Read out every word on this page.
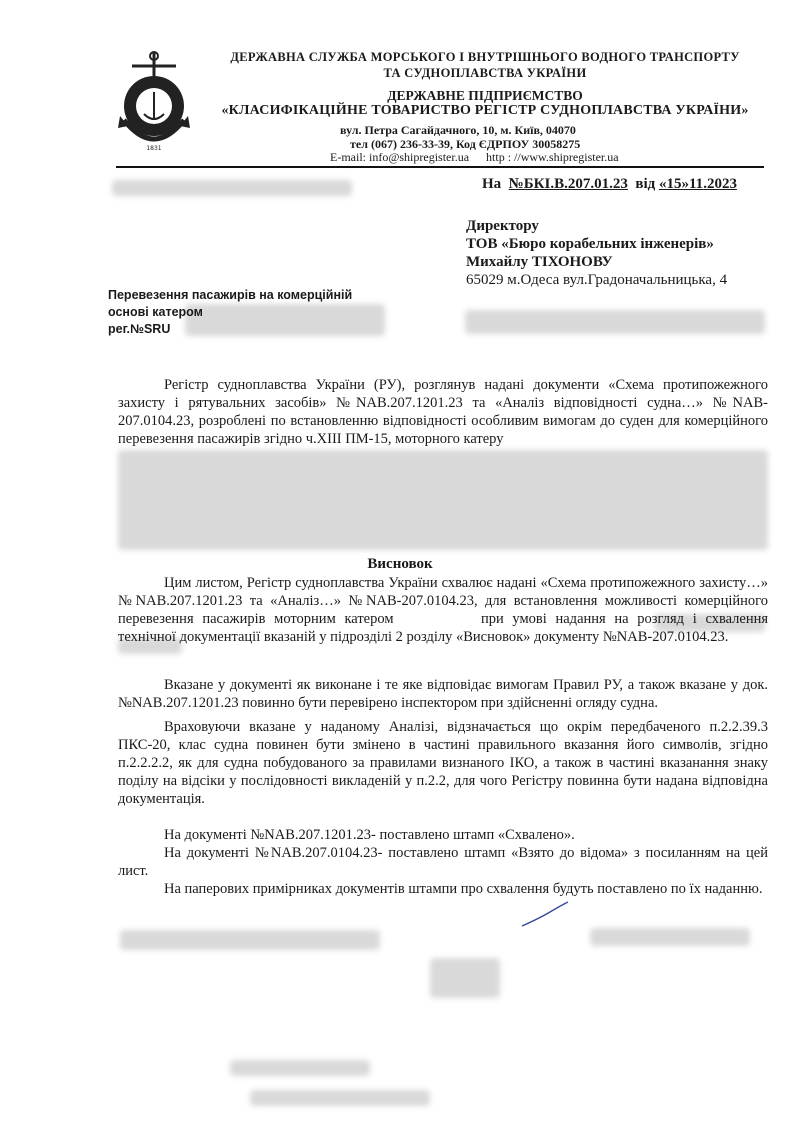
1831
ДЕРЖАВНА СЛУЖБА МОРСЬКОГО І ВНУТРІШНЬОГО ВОДНОГО ТРАНСПОРТУ
ТА СУДНОПЛАВСТВА УКРАЇНИ
ДЕРЖАВНЕ ПІДПРИЄМСТВО
«КЛАСИФІКАЦІЙНЕ ТОВАРИСТВО РЕГІСТР СУДНОПЛАВСТВА УКРАЇНИ»
вул. Петра Сагайдачного, 10, м. Київ, 04070
тел (067) 236-33-39, Код ЄДРПОУ 30058275
E-mail: info@shipregister.ua http : //www.shipregister.ua
На №БКІ.В.207.01.23 від «15»11.2023
Директору
ТОВ «Бюро корабельних інженерів»
Михайлу ТІХОНОВУ
65029 м.Одеса вул.Градоначальницька, 4
Перевезення пасажирів на комерційній
основі катером
рег.№SRU
Регістр судноплавства України (РУ), розглянув надані документи «Схема протипожежного захисту і рятувальних засобів» №NAB.207.1201.23 та «Аналіз відповідності судна…» №NAB-207.0104.23, розроблені по встановленню відповідності особливим вимогам до суден для комерційного перевезення пасажирів згідно ч.XIII ПМ-15, моторного катеру
Висновок
Цим листом, Регістр судноплавства України схвалює надані «Схема протипожежного захисту…» №NAB.207.1201.23 та «Аналіз…» №NAB-207.0104.23, для встановлення можливості комерційного перевезення пасажирів моторним катером	при умові надання на розгляд і схвалення технічної документації вказаній у підрозділі 2 розділу «Висновок» документу №NAB-207.0104.23.
Вказане у документі як виконане і те яке відповідає вимогам Правил РУ, а також вказане у док.№NAB.207.1201.23 повинно бути перевірено інспектором при здійсненні огляду судна.
Враховуючи вказане у наданому Аналізі, відзначається що окрім передбаченого п.2.2.39.3 ПКС-20, клас судна повинен бути змінено в частині правильного вказання його символів, згідно п.2.2.2.2, як для судна побудованого за правилами визнаного ІКО, а також в частині вказанання знаку поділу на відсіки у послідовності викладеній у п.2.2, для чого Регістру повинна бути надана відповідна документація.
На документі №NAB.207.1201.23- поставлено штамп «Схвалено».
На документі №NAB.207.0104.23- поставлено штамп «Взято до відома» з посиланням на цей лист.
На паперових примірниках документів штампи про схвалення будуть поставлено по їх наданню.
